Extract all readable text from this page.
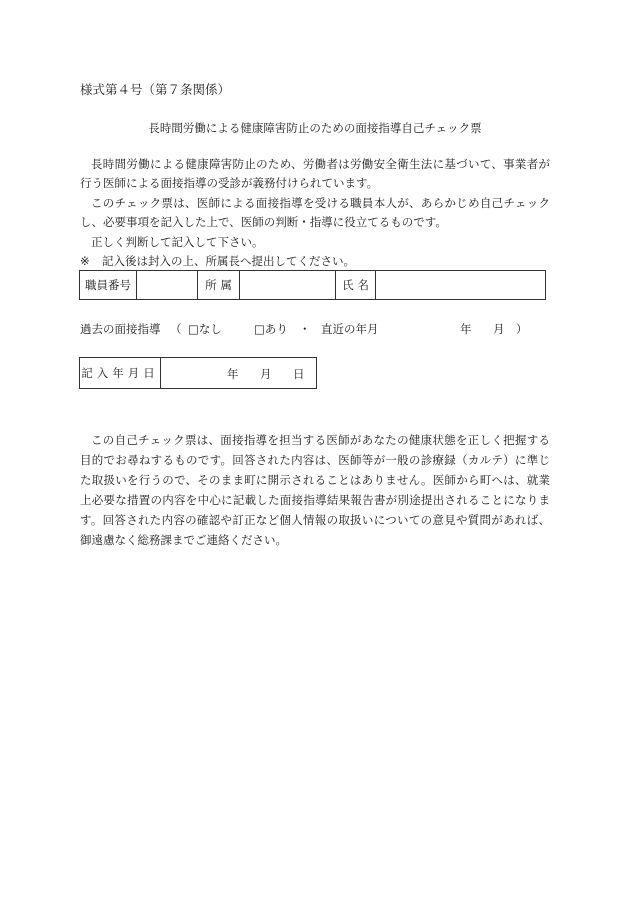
様式第４号（第７条関係）
長時間労働による健康障害防止のための面接指導自己チェック票
長時間労働による健康障害防止のため、労働者は労働安全衛生法に基づいて、事業者が行う医師による面接指導の受診が義務付けられています。
このチェック票は、医師による面接指導を受ける職員本人が、あらかじめ自己チェックし、必要事項を記入した上で、医師の判断・指導に役立てるものです。
正しく判断して記入して下さい。
※ 記入後は封入の上、所属長へ提出してください。
職員番号		所 属		氏 名	
過去の面接指導 （ □なし	□あり ・ 直近の年月	年 月 ）
記入年月日	年 月 日
この自己チェック票は、面接指導を担当する医師があなたの健康状態を正しく把握する目的でお尋ねするものです。回答された内容は、医師等が一般の診療録（カルテ）に準じた取扱いを行うので、そのまま町に開示されることはありません。医師から町へは、就業上必要な措置の内容を中心に記載した面接指導結果報告書が別途提出されることになります。回答された内容の確認や訂正など個人情報の取扱いについての意見や質問があれば、御遠慮なく総務課までご連絡ください。
